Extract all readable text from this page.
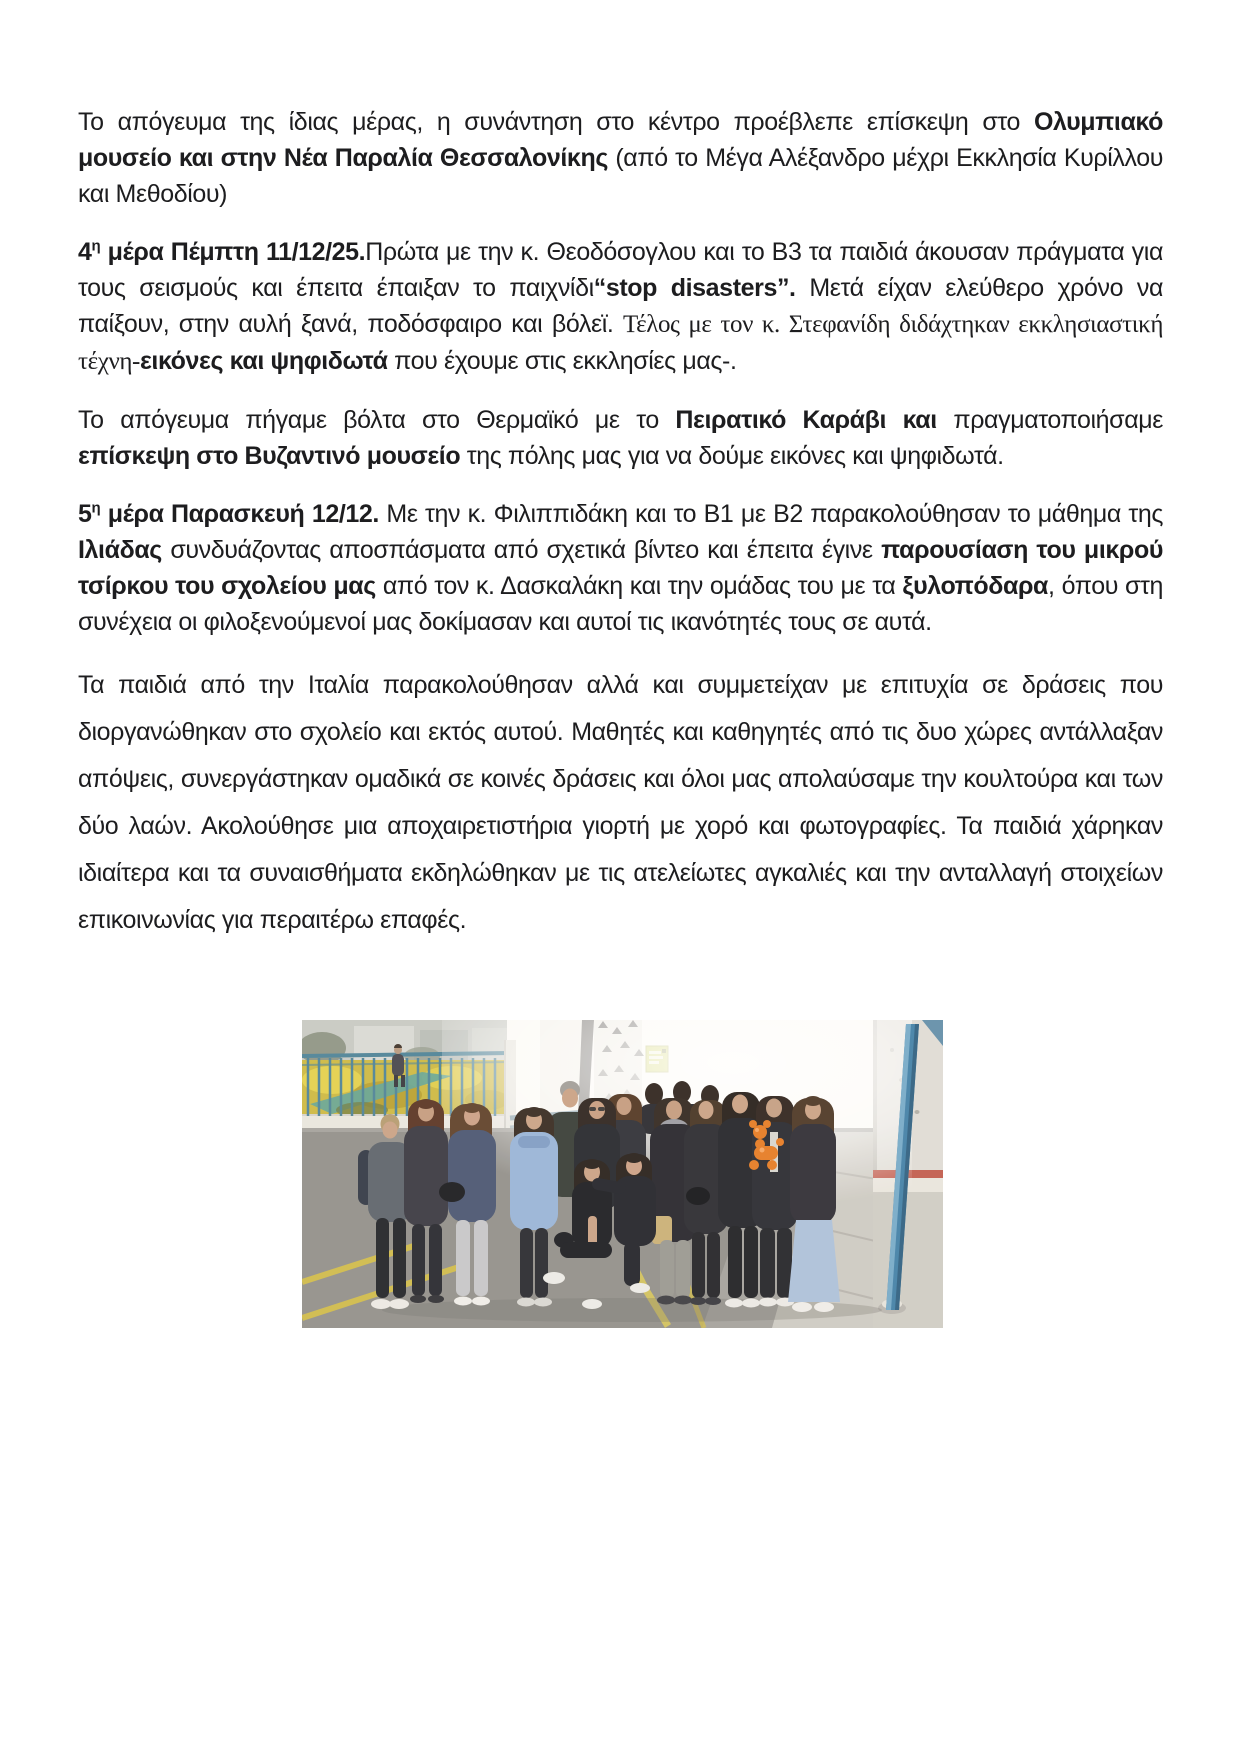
Το απόγευμα της ίδιας μέρας, η συνάντηση στο κέντρο προέβλεπε επίσκεψη στο Ολυμπιακό μουσείο και στην Νέα Παραλία Θεσσαλονίκης (από το Μέγα Αλέξανδρο μέχρι Εκκλησία Κυρίλλου και Μεθοδίου)

$4^\eta$ μέρα Πέμπτη 11/12/25.Πρώτα με την κ. Θεοδόσογλου και το Β3 τα παιδιά άκουσαν πράγματα για τους σεισμούς και έπειτα έπαιξαν το παιχνίδι“stop disasters”. Μετά είχαν ελεύθερο χρόνο να παίξουν, στην αυλή ξανά, ποδόσφαιρο και βόλεϊ. Τέλος με τον κ. Στεφανίδη διδάχτηκαν εκκλησιαστική τέχνη-εικόνες και ψηφιδωτά που έχουμε στις εκκλησίες μας-.

Το απόγευμα πήγαμε βόλτα στο Θερμαϊκό με το Πειρατικό Καράβι και πραγματοποιήσαμε επίσκεψη στο Βυζαντινό μουσείο της πόλης μας για να δούμε εικόνες και ψηφιδωτά.

$5^\eta$ μέρα Παρασκευή 12/12. Με την κ. Φιλιππιδάκη και το Β1 με Β2 παρακολούθησαν το μάθημα της Ιλιάδας συνδυάζοντας αποσπάσματα από σχετικά βίντεο και έπειτα έγινε παρουσίαση του μικρού τσίρκου του σχολείου μας από τον κ. Δασκαλάκη και την ομάδας του με τα ξυλοπόδαρα, όπου στη συνέχεια οι φιλοξενούμενοί μας δοκίμασαν και αυτοί τις ικανότητές τους σε αυτά.

Τα παιδιά από την Ιταλία παρακολούθησαν αλλά και συμμετείχαν με επιτυχία σε δράσεις που διοργανώθηκαν στο σχολείο και εκτός αυτού. Μαθητές και καθηγητές από τις δυο χώρες αντάλλαξαν απόψεις, συνεργάστηκαν ομαδικά σε κοινές δράσεις και όλοι μας απολαύσαμε την κουλτούρα και των δύο λαών. Ακολούθησε μια αποχαιρετιστήρια γιορτή με χορό και φωτογραφίες. Τα παιδιά χάρηκαν ιδιαίτερα και τα συναισθήματα εκδηλώθηκαν με τις ατελείωτες αγκαλιές και την ανταλλαγή στοιχείων επικοινωνίας για περαιτέρω επαφές.
